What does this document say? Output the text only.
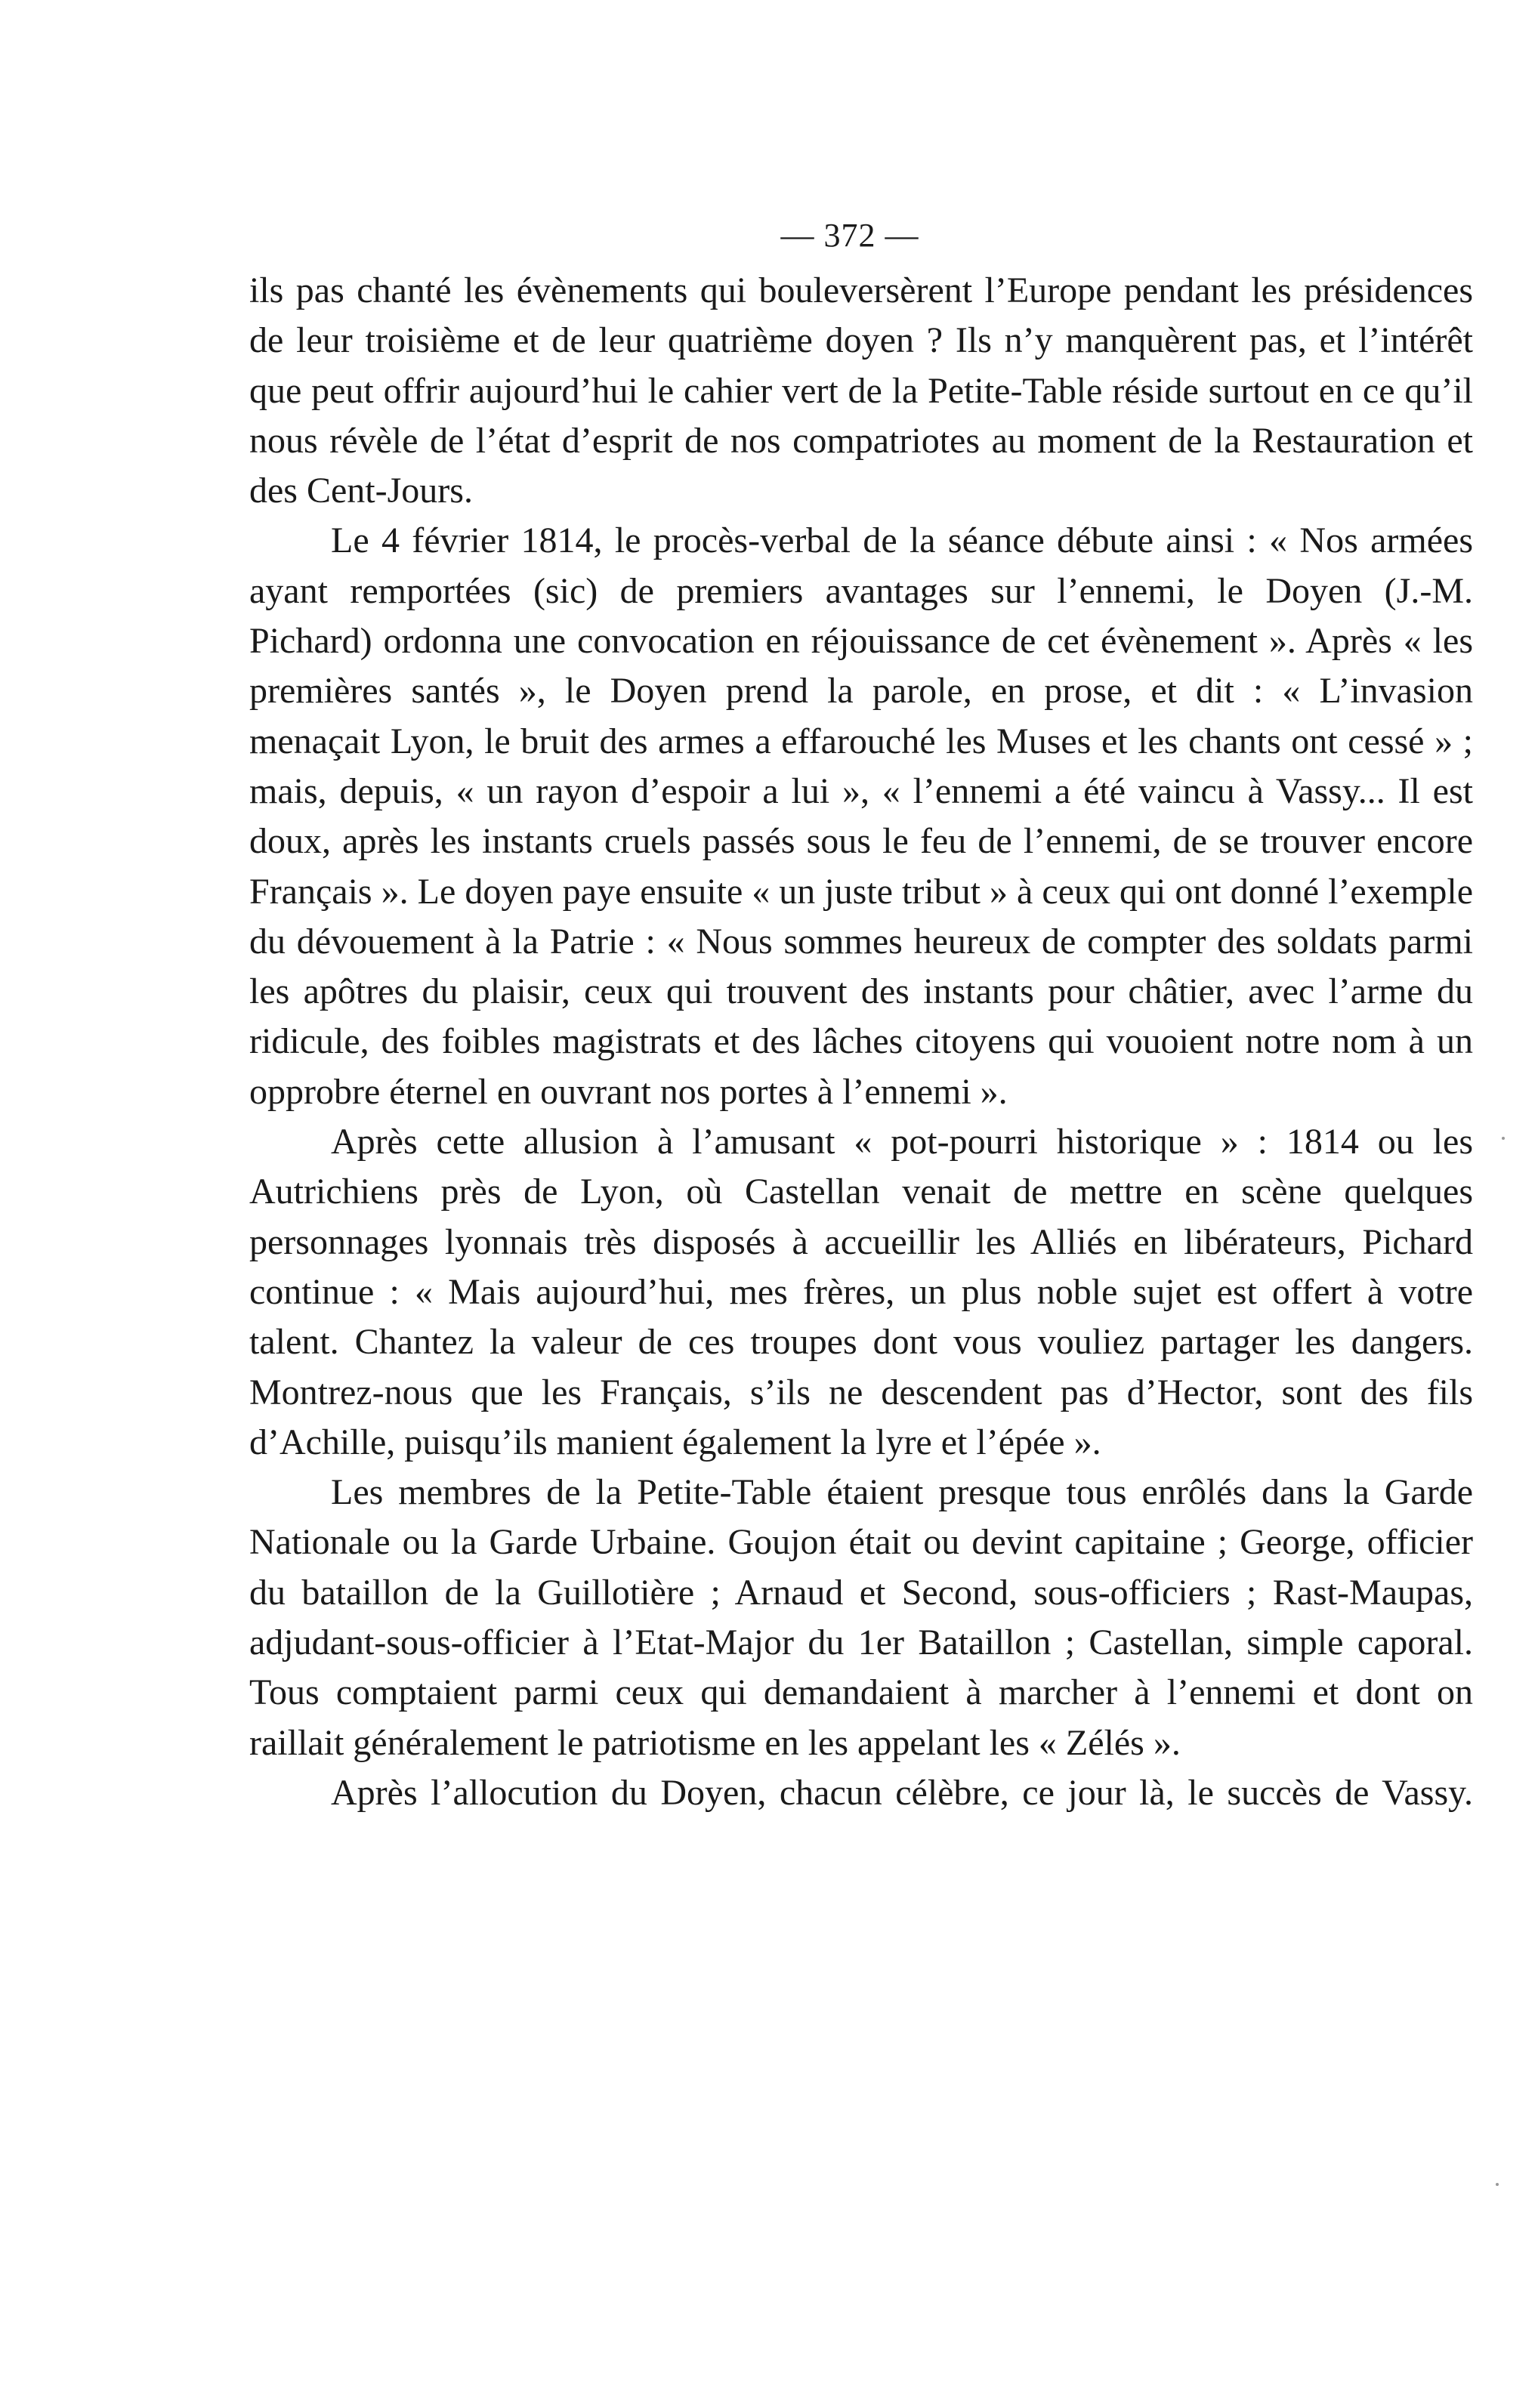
— 372 —

ils pas chanté les évènements qui bouleversèrent l’Europe pendant les présidences de leur troisième et de leur quatrième doyen ? Ils n’y manquèrent pas, et l’intérêt que peut offrir aujourd’hui le cahier vert de la Petite-Table réside surtout en ce qu’il nous révèle de l’état d’esprit de nos compatriotes au moment de la Restauration et des Cent-Jours.

Le 4 février 1814, le procès-verbal de la séance débute ainsi : « Nos armées ayant remportées (sic) de premiers avantages sur l’ennemi, le Doyen (J.-M. Pichard) ordonna une convocation en réjouissance de cet évènement ». Après « les premières santés », le Doyen prend la parole, en prose, et dit : « L’invasion menaçait Lyon, le bruit des armes a effarouché les Muses et les chants ont cessé » ; mais, depuis, « un rayon d’espoir a lui », « l’ennemi a été vaincu à Vassy... Il est doux, après les instants cruels passés sous le feu de l’ennemi, de se trouver encore Français ». Le doyen paye ensuite « un juste tribut » à ceux qui ont donné l’exemple du dévouement à la Patrie : « Nous sommes heureux de compter des soldats parmi les apôtres du plaisir, ceux qui trouvent des instants pour châtier, avec l’arme du ridicule, des foibles magistrats et des lâches citoyens qui vouoient notre nom à un opprobre éternel en ouvrant nos portes à l’ennemi ».

Après cette allusion à l’amusant « pot-pourri historique » : 1814 ou les Autrichiens près de Lyon, où Castellan venait de mettre en scène quelques personnages lyonnais très disposés à accueillir les Alliés en libérateurs, Pichard continue : « Mais aujourd’hui, mes frères, un plus noble sujet est offert à votre talent. Chantez la valeur de ces troupes dont vous vouliez partager les dangers. Montrez-nous que les Français, s’ils ne descendent pas d’Hector, sont des fils d’Achille, puisqu’ils manient également la lyre et l’épée ».

Les membres de la Petite-Table étaient presque tous enrôlés dans la Garde Nationale ou la Garde Urbaine. Goujon était ou devint capitaine ; George, officier du bataillon de la Guillotière ; Arnaud et Second, sous-officiers ; Rast-Maupas, adjudant-sous-officier à l’Etat-Major du 1er Bataillon ; Castellan, simple caporal. Tous comptaient parmi ceux qui demandaient à marcher à l’ennemi et dont on raillait généralement le patriotisme en les appelant les « Zélés ».

Après l’allocution du Doyen, chacun célèbre, ce jour là, le succès de Vassy.
